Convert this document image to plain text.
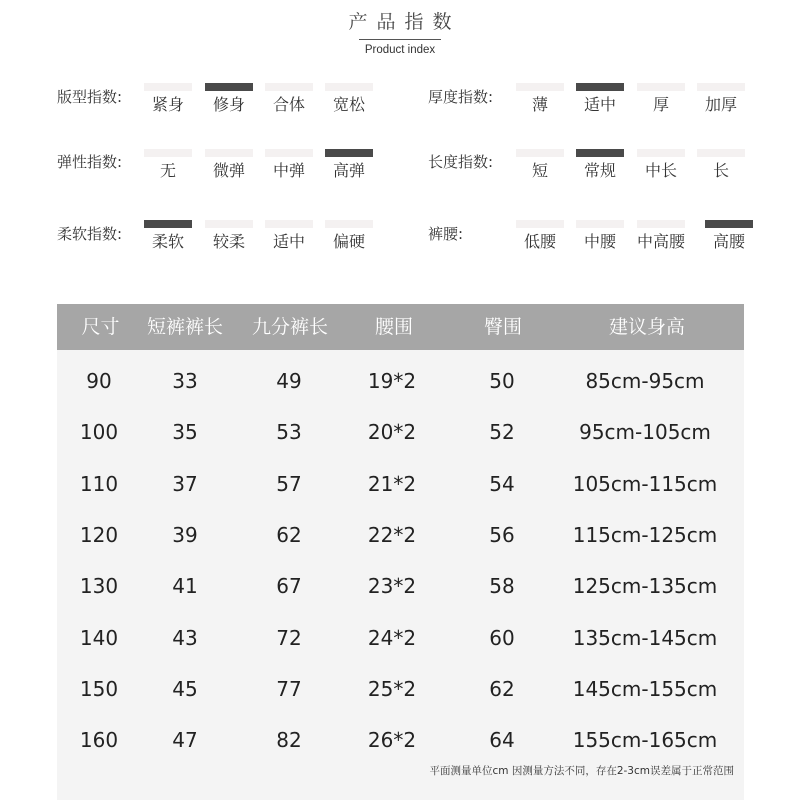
产品指数
Product index
版型指数:	紧身	修身	合体	宽松	厚度指数:	薄	适中	厚	加厚
弹性指数:	无	微弹	中弹	高弹	长度指数:	短	常规	中长	长
柔软指数:	柔软	较柔	适中	偏硬	裤腰:	低腰	中腰	中高腰	高腰
尺寸	短裤裤长	九分裤长	腰围	臀围	建议身高
90	33	49	19*2	50	85cm-95cm
100	35	53	20*2	52	95cm-105cm
110	37	57	21*2	54	105cm-115cm
120	39	62	22*2	56	115cm-125cm
130	41	67	23*2	58	125cm-135cm
140	43	72	24*2	60	135cm-145cm
150	45	77	25*2	62	145cm-155cm
160	47	82	26*2	64	155cm-165cm
平面测量单位cm 因测量方法不同，存在2-3cm误差属于正常范围
